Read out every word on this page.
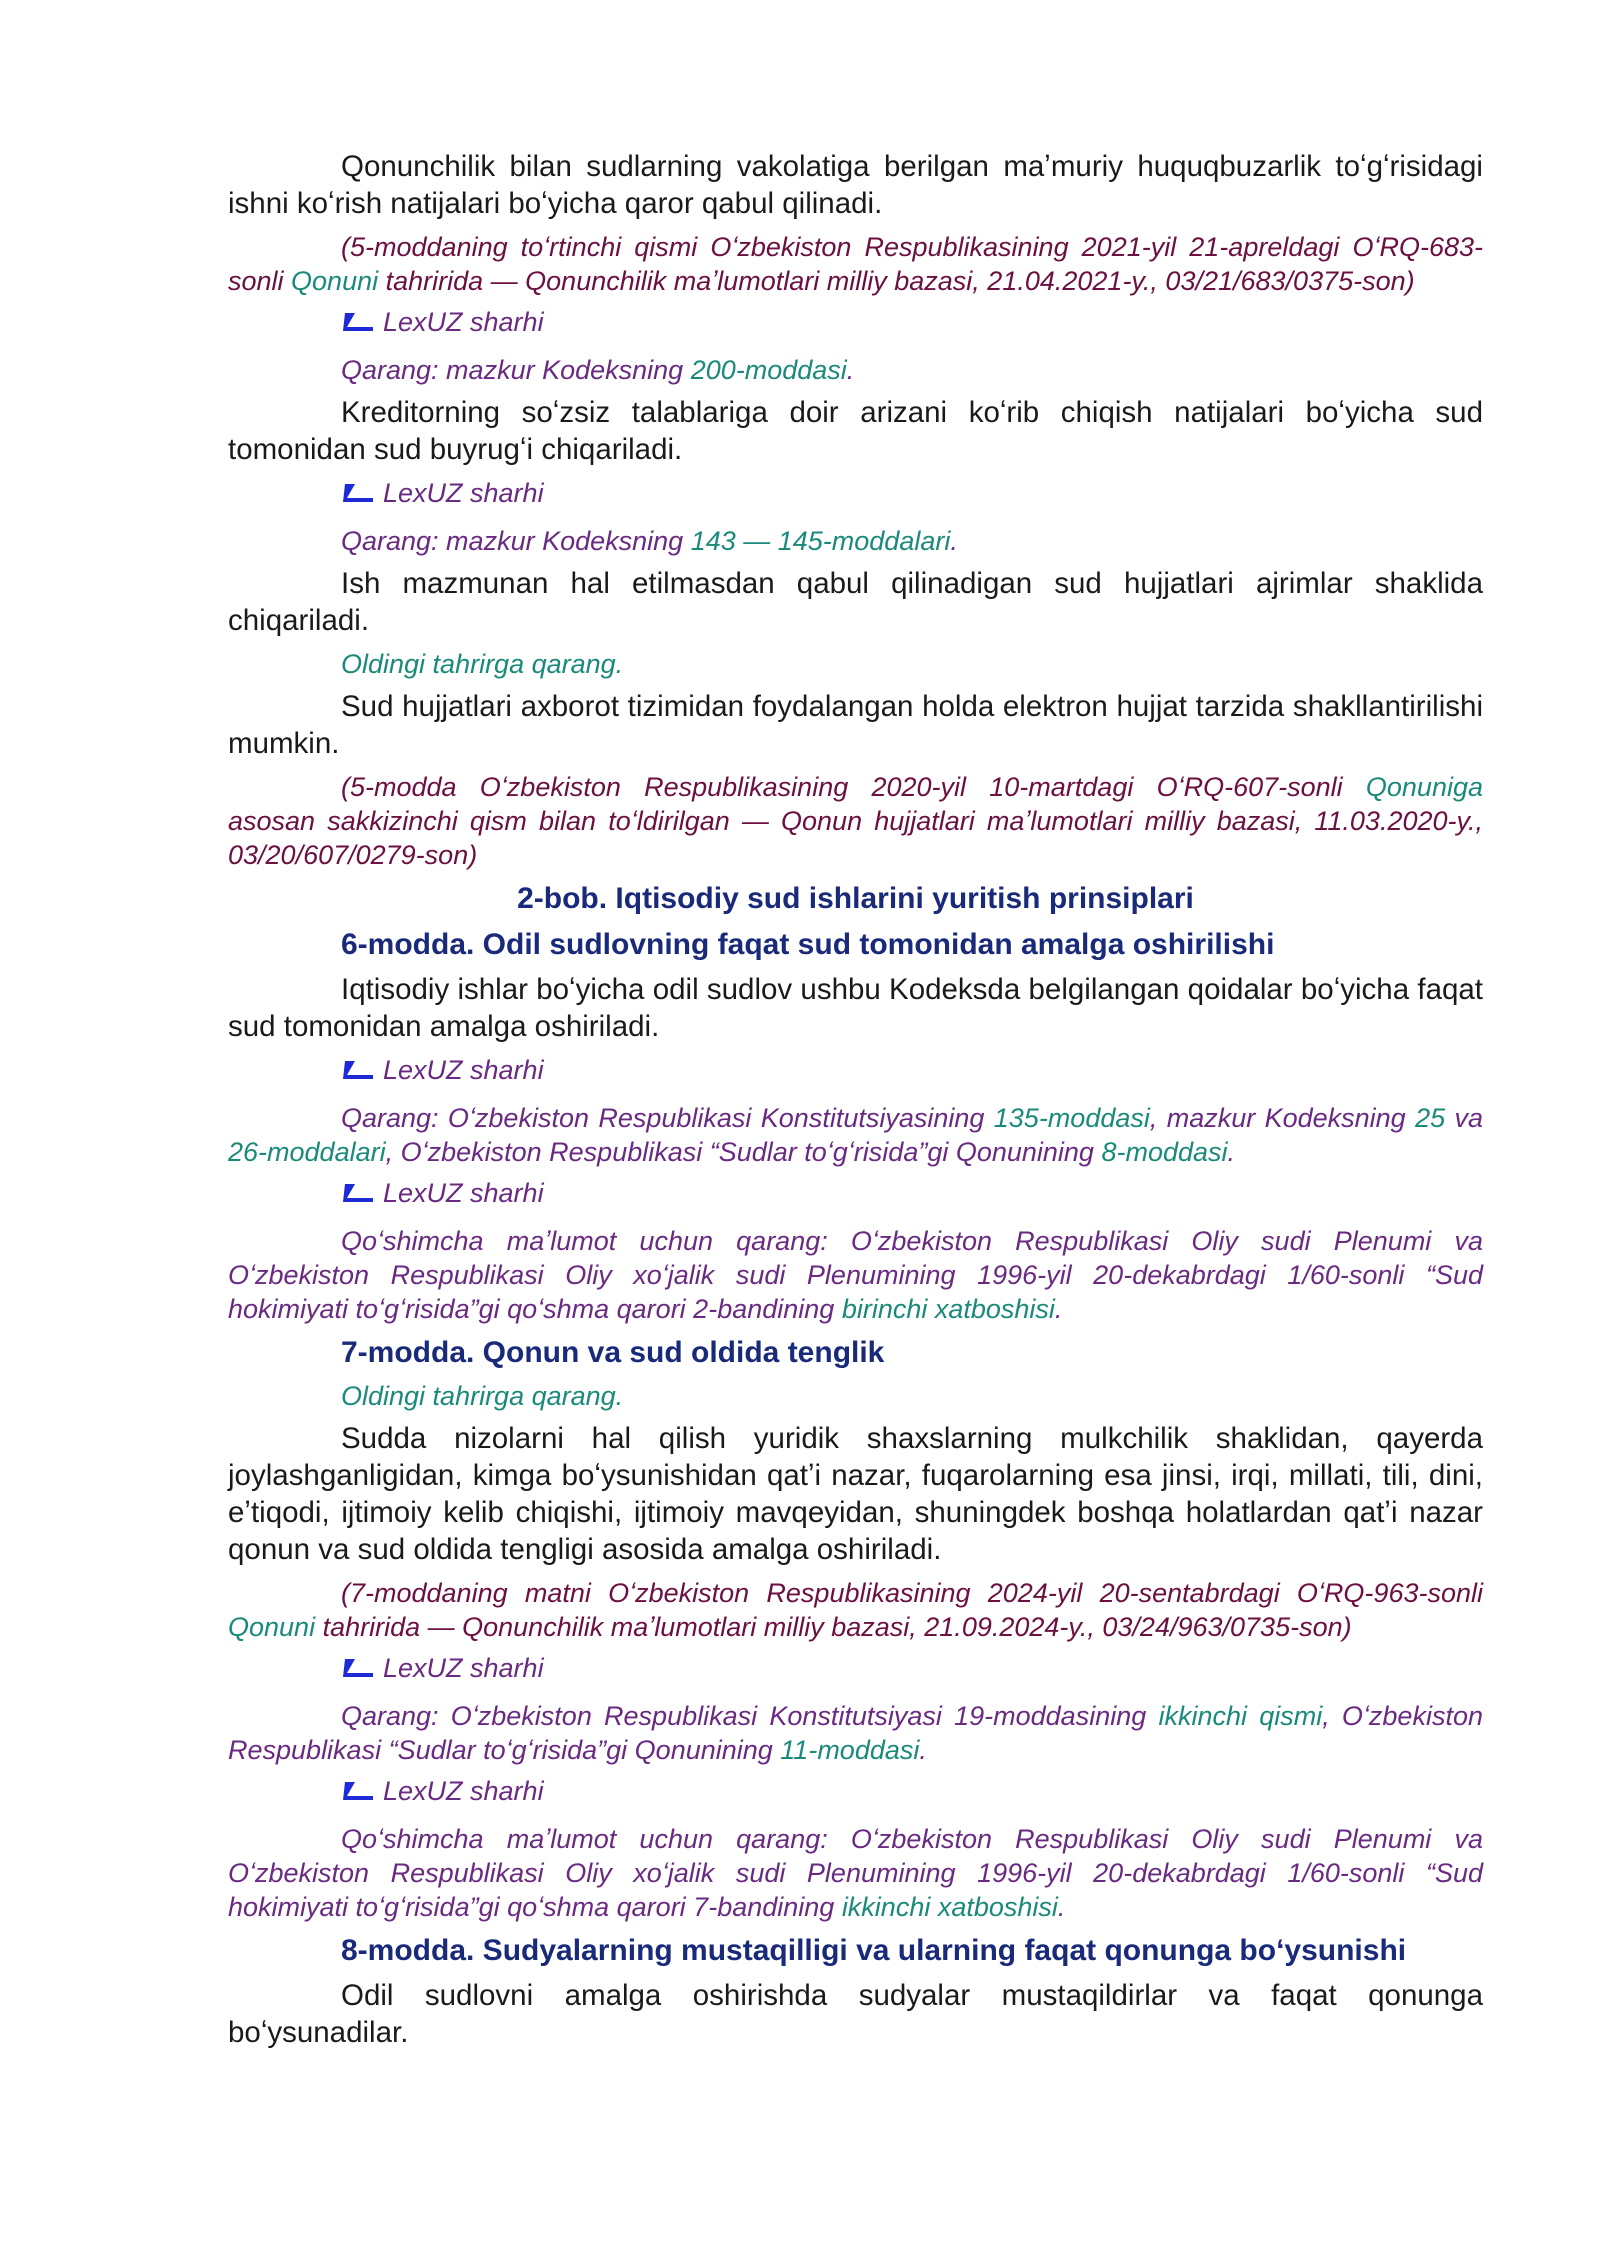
Qonunchilik bilan sudlarning vakolatiga berilgan maʼmuriy huquqbuzarlik toʻgʻrisidagi ishni koʻrish natijalari boʻyicha qaror qabul qilinadi.

(5-moddaning toʻrtinchi qismi Oʻzbekiston Respublikasining 2021-yil 21-apreldagi OʻRQ-683-sonli Qonuni tahririda — Qonunchilik maʼlumotlari milliy bazasi, 21.04.2021-y., 03/21/683/0375-son)

LexUZ sharhi

Qarang: mazkur Kodeksning 200-moddasi.

Kreditorning soʻzsiz talablariga doir arizani koʻrib chiqish natijalari boʻyicha sud tomonidan sud buyrugʻi chiqariladi.

LexUZ sharhi

Qarang: mazkur Kodeksning 143 — 145-moddalari.

Ish mazmunan hal etilmasdan qabul qilinadigan sud hujjatlari ajrimlar shaklida chiqariladi.

Oldingi tahrirga qarang.

Sud hujjatlari axborot tizimidan foydalangan holda elektron hujjat tarzida shakllantirilishi mumkin.

(5-modda Oʻzbekiston Respublikasining 2020-yil 10-martdagi OʻRQ-607-sonli Qonuniga asosan sakkizinchi qism bilan toʻldirilgan — Qonun hujjatlari maʼlumotlari milliy bazasi, 11.03.2020-y., 03/20/607/0279-son)

2-bob. Iqtisodiy sud ishlarini yuritish prinsiplari
6-modda. Odil sudlovning faqat sud tomonidan amalga oshirilishi

Iqtisodiy ishlar boʻyicha odil sudlov ushbu Kodeksda belgilangan qoidalar boʻyicha faqat sud tomonidan amalga oshiriladi.

LexUZ sharhi

Qarang: Oʻzbekiston Respublikasi Konstitutsiyasining 135-moddasi, mazkur Kodeksning 25 va 26-moddalari, Oʻzbekiston Respublikasi “Sudlar toʻgʻrisida”gi Qonunining 8-moddasi.

LexUZ sharhi

Qoʻshimcha maʼlumot uchun qarang: Oʻzbekiston Respublikasi Oliy sudi Plenumi va Oʻzbekiston Respublikasi Oliy xoʻjalik sudi Plenumining 1996-yil 20-dekabrdagi 1/60-sonli “Sud hokimiyati toʻgʻrisida”gi qoʻshma qarori 2-bandining birinchi xatboshisi.

7-modda. Qonun va sud oldida tenglik

Oldingi tahrirga qarang.

Sudda nizolarni hal qilish yuridik shaxslarning mulkchilik shaklidan, qayerda joylashganligidan, kimga boʻysunishidan qatʼi nazar, fuqarolarning esa jinsi, irqi, millati, tili, dini, eʼtiqodi, ijtimoiy kelib chiqishi, ijtimoiy mavqeyidan, shuningdek boshqa holatlardan qatʼi nazar qonun va sud oldida tengligi asosida amalga oshiriladi.

(7-moddaning matni Oʻzbekiston Respublikasining 2024-yil 20-sentabrdagi OʻRQ-963-sonli Qonuni tahririda — Qonunchilik maʼlumotlari milliy bazasi, 21.09.2024-y., 03/24/963/0735-son)

LexUZ sharhi

Qarang: Oʻzbekiston Respublikasi Konstitutsiyasi 19-moddasining ikkinchi qismi, Oʻzbekiston Respublikasi “Sudlar toʻgʻrisida”gi Qonunining 11-moddasi.

LexUZ sharhi

Qoʻshimcha maʼlumot uchun qarang: Oʻzbekiston Respublikasi Oliy sudi Plenumi va Oʻzbekiston Respublikasi Oliy xoʻjalik sudi Plenumining 1996-yil 20-dekabrdagi 1/60-sonli “Sud hokimiyati toʻgʻrisida”gi qoʻshma qarori 7-bandining ikkinchi xatboshisi.

8-modda. Sudyalarning mustaqilligi va ularning faqat qonunga boʻysunishi

Odil sudlovni amalga oshirishda sudyalar mustaqildirlar va faqat qonunga boʻysunadilar.
